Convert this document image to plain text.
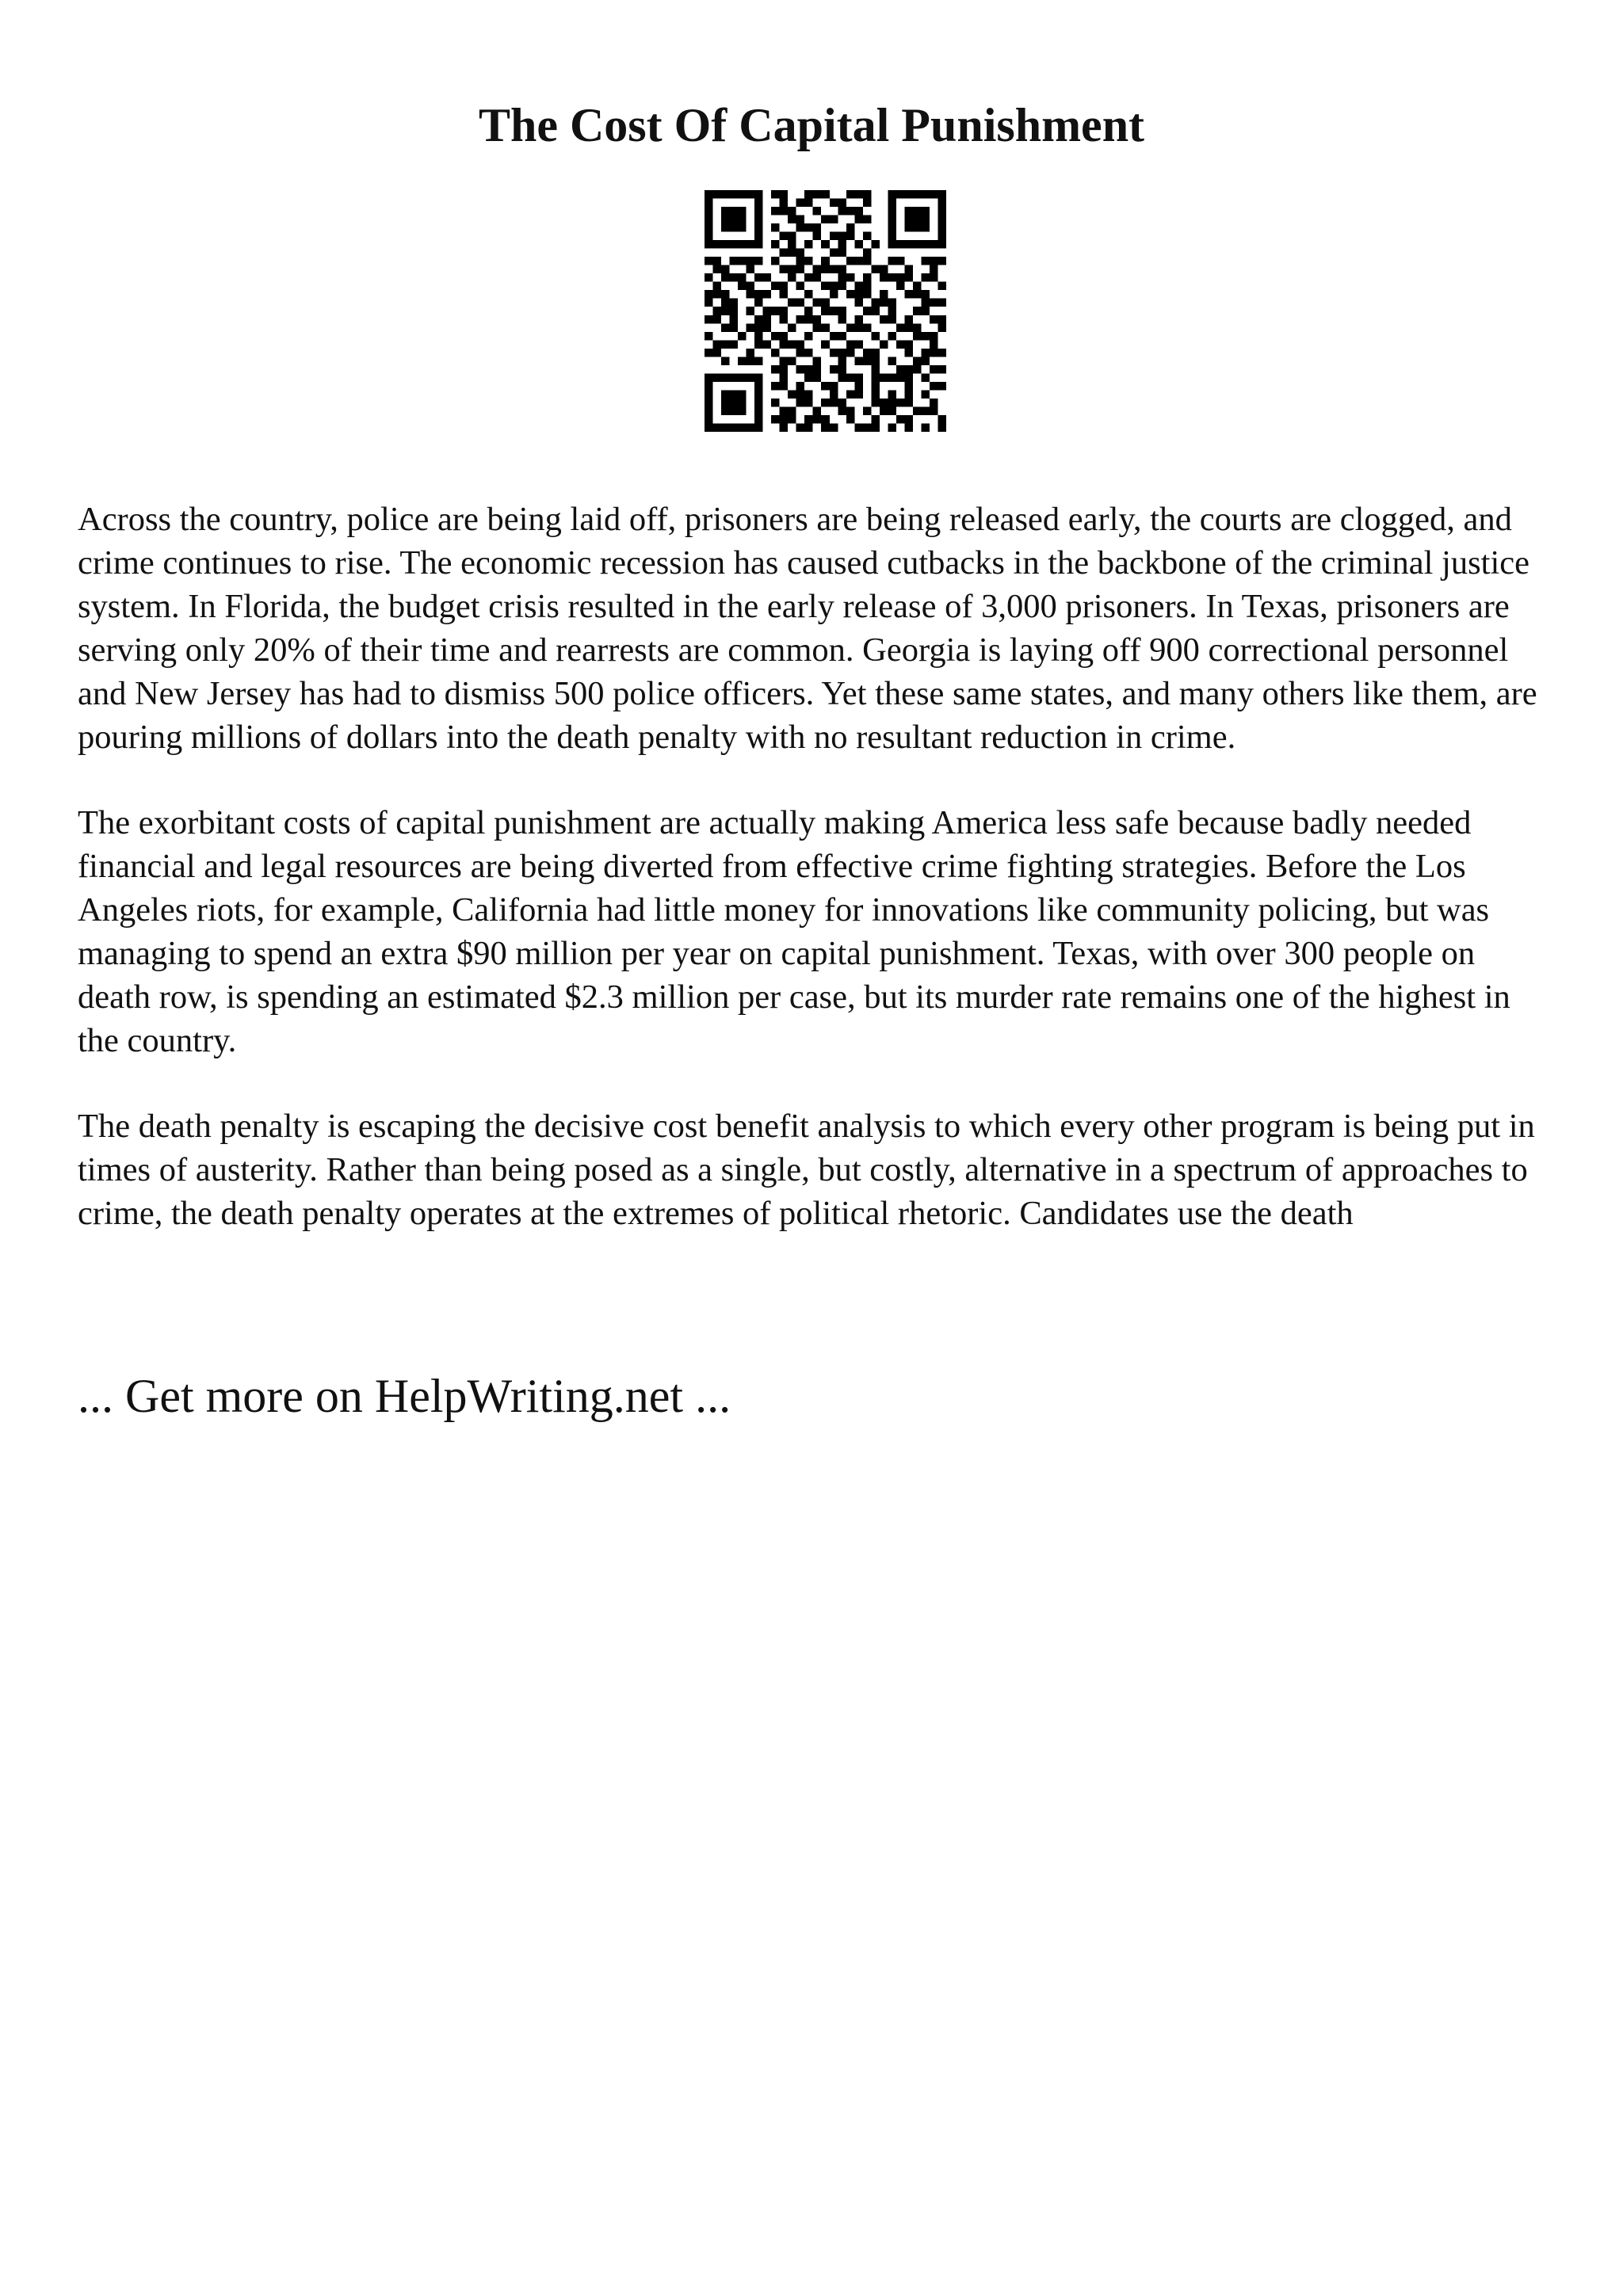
The Cost Of Capital Punishment

Across the country, police are being laid off, prisoners are being released early, the courts are clogged, and crime continues to rise. The economic recession has caused cutbacks in the backbone of the criminal justice system. In Florida, the budget crisis resulted in the early release of 3,000 prisoners. In Texas, prisoners are serving only 20% of their time and rearrests are common. Georgia is laying off 900 correctional personnel and New Jersey has had to dismiss 500 police officers. Yet these same states, and many others like them, are pouring millions of dollars into the death penalty with no resultant reduction in crime.

The exorbitant costs of capital punishment are actually making America less safe because badly needed financial and legal resources are being diverted from effective crime fighting strategies. Before the Los Angeles riots, for example, California had little money for innovations like community policing, but was managing to spend an extra $90 million per year on capital punishment. Texas, with over 300 people on death row, is spending an estimated $2.3 million per case, but its murder rate remains one of the highest in the country.

The death penalty is escaping the decisive cost benefit analysis to which every other program is being put in times of austerity. Rather than being posed as a single, but costly, alternative in a spectrum of approaches to crime, the death penalty operates at the extremes of political rhetoric. Candidates use the death

... Get more on HelpWriting.net ...
